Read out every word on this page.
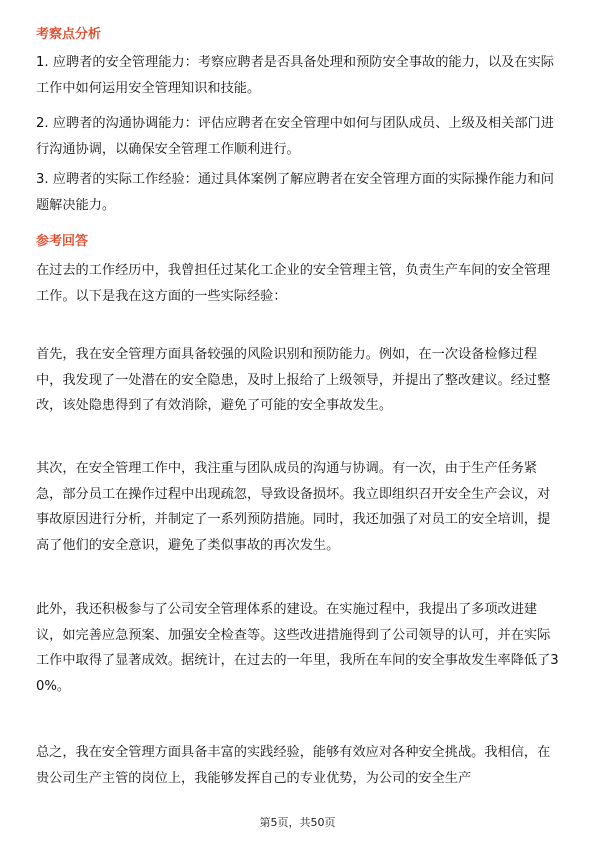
考察点分析

1. 应聘者的安全管理能力：考察应聘者是否具备处理和预防安全事故的能力，以及在实际工作中如何运用安全管理知识和技能。

2. 应聘者的沟通协调能力：评估应聘者在安全管理中如何与团队成员、上级及相关部门进行沟通协调，以确保安全管理工作顺利进行。

3. 应聘者的实际工作经验：通过具体案例了解应聘者在安全管理方面的实际操作能力和问题解决能力。

参考回答

在过去的工作经历中，我曾担任过某化工企业的安全管理主管，负责生产车间的安全管理工作。以下是我在这方面的一些实际经验：

首先，我在安全管理方面具备较强的风险识别和预防能力。例如，在一次设备检修过程中，我发现了一处潜在的安全隐患，及时上报给了上级领导，并提出了整改建议。经过整改，该处隐患得到了有效消除，避免了可能的安全事故发生。

其次，在安全管理工作中，我注重与团队成员的沟通与协调。有一次，由于生产任务紧急，部分员工在操作过程中出现疏忽，导致设备损坏。我立即组织召开安全生产会议，对事故原因进行分析，并制定了一系列预防措施。同时，我还加强了对员工的安全培训，提高了他们的安全意识，避免了类似事故的再次发生。

此外，我还积极参与了公司安全管理体系的建设。在实施过程中，我提出了多项改进建议，如完善应急预案、加强安全检查等。这些改进措施得到了公司领导的认可，并在实际工作中取得了显著成效。据统计，在过去的一年里，我所在车间的安全事故发生率降低了30%。

总之，我在安全管理方面具备丰富的实践经验，能够有效应对各种安全挑战。我相信，在贵公司生产主管的岗位上，我能够发挥自己的专业优势，为公司的安全生产

第5页，共50页
